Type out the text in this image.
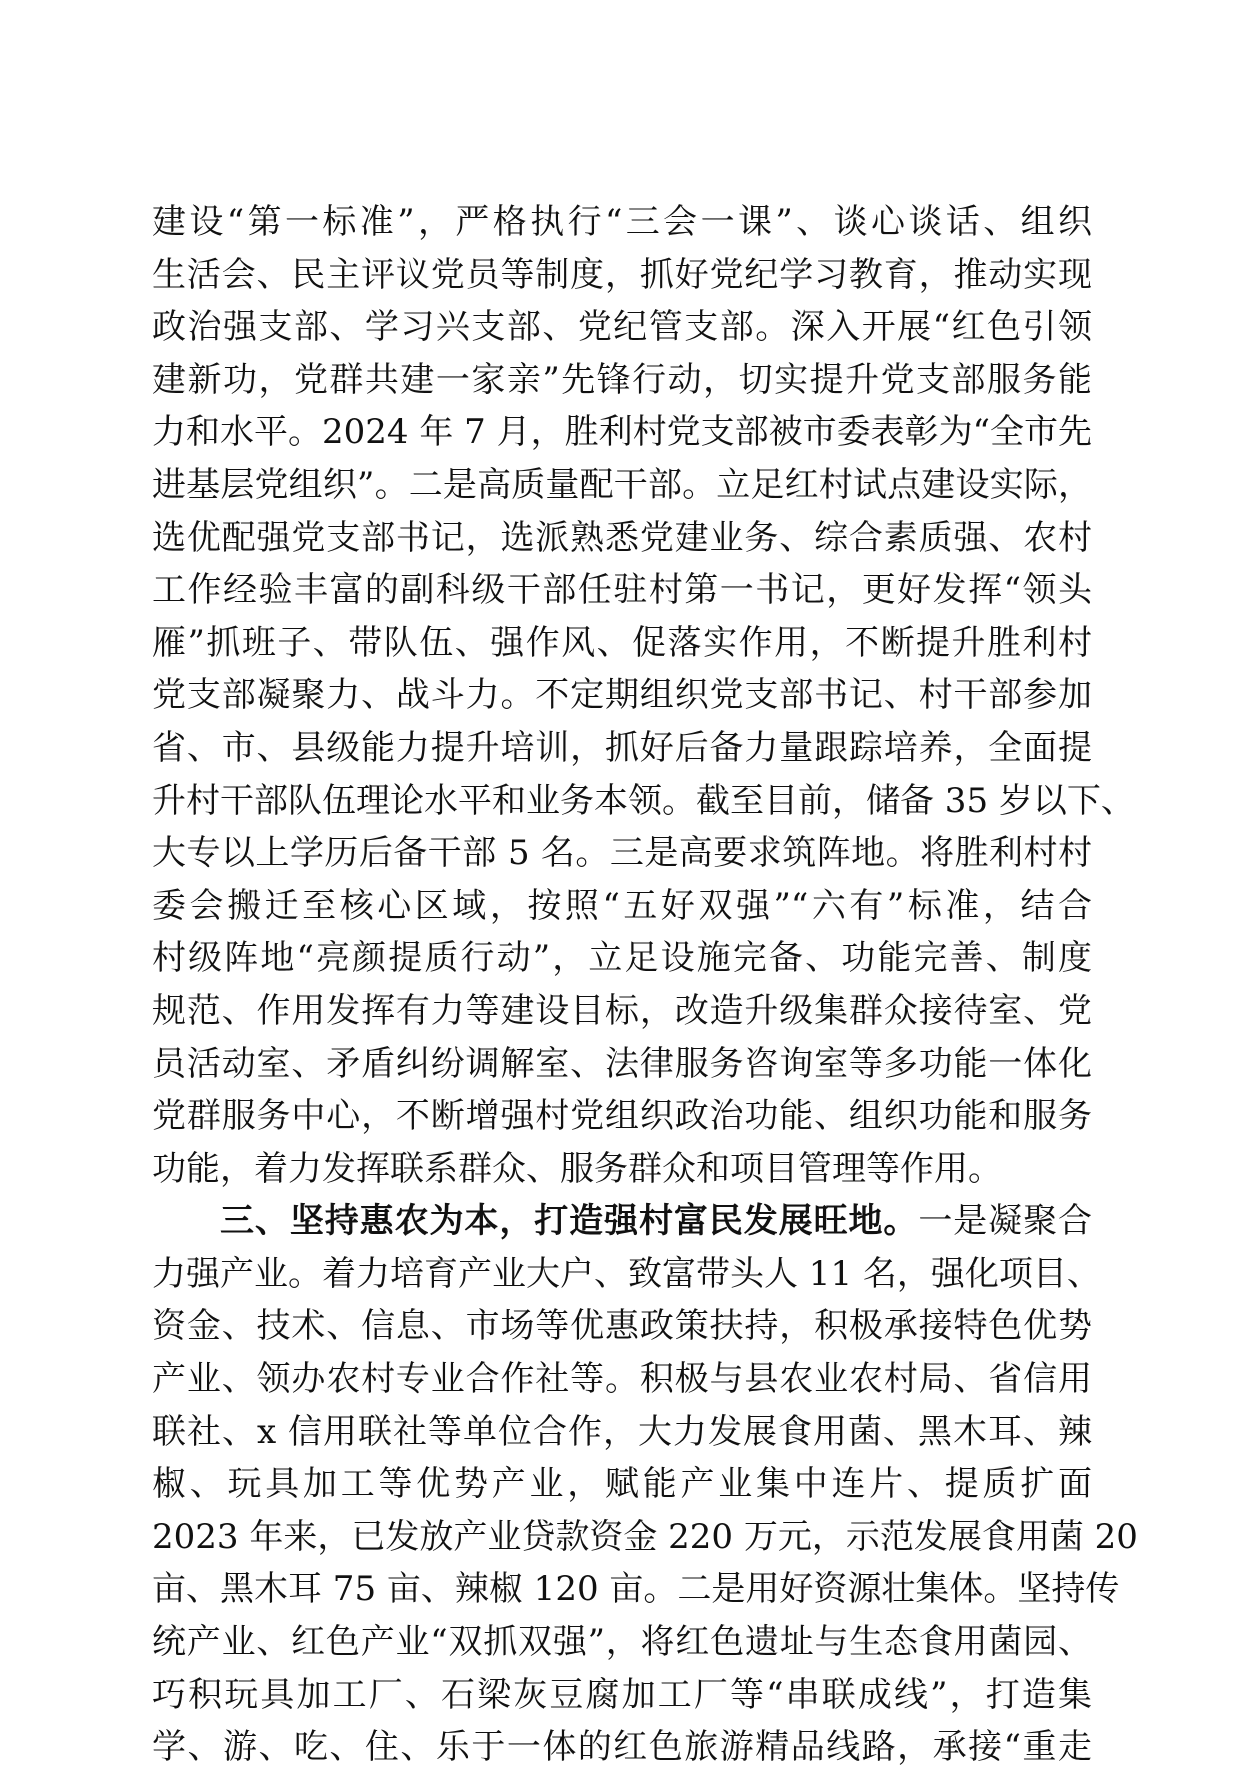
建设“第一标准”，严格执行“三会一课”、谈心谈话、组织
生活会、民主评议党员等制度，抓好党纪学习教育，推动实现
政治强支部、学习兴支部、党纪管支部。深入开展“红色引领
建新功，党群共建一家亲”先锋行动，切实提升党支部服务能
力和水平。2024 年 7 月，胜利村党支部被市委表彰为“全市先
进基层党组织”。二是高质量配干部。立足红村试点建设实际，
选优配强党支部书记，选派熟悉党建业务、综合素质强、农村
工作经验丰富的副科级干部任驻村第一书记，更好发挥“领头
雁”抓班子、带队伍、强作风、促落实作用，不断提升胜利村
党支部凝聚力、战斗力。不定期组织党支部书记、村干部参加
省、市、县级能力提升培训，抓好后备力量跟踪培养，全面提
升村干部队伍理论水平和业务本领。截至目前，储备 35 岁以下、
大专以上学历后备干部 5 名。三是高要求筑阵地。将胜利村村
委会搬迁至核心区域，按照“五好双强”“六有”标准，结合
村级阵地“亮颜提质行动”，立足设施完备、功能完善、制度
规范、作用发挥有力等建设目标，改造升级集群众接待室、党
员活动室、矛盾纠纷调解室、法律服务咨询室等多功能一体化
党群服务中心，不断增强村党组织政治功能、组织功能和服务
功能，着力发挥联系群众、服务群众和项目管理等作用。
三、坚持惠农为本，打造强村富民发展旺地。一是凝聚合
力强产业。着力培育产业大户、致富带头人 11 名，强化项目、
资金、技术、信息、市场等优惠政策扶持，积极承接特色优势
产业、领办农村专业合作社等。积极与县农业农村局、省信用
联社、x 信用联社等单位合作，大力发展食用菌、黑木耳、辣
椒、玩具加工等优势产业，赋能产业集中连片、提质扩面
2023 年来，已发放产业贷款资金 220 万元，示范发展食用菌 20
亩、黑木耳 75 亩、辣椒 120 亩。二是用好资源壮集体。坚持传
统产业、红色产业“双抓双强”，将红色遗址与生态食用菌园、
巧积玩具加工厂、石梁灰豆腐加工厂等“串联成线”，打造集
学、游、吃、住、乐于一体的红色旅游精品线路，承接“重走
